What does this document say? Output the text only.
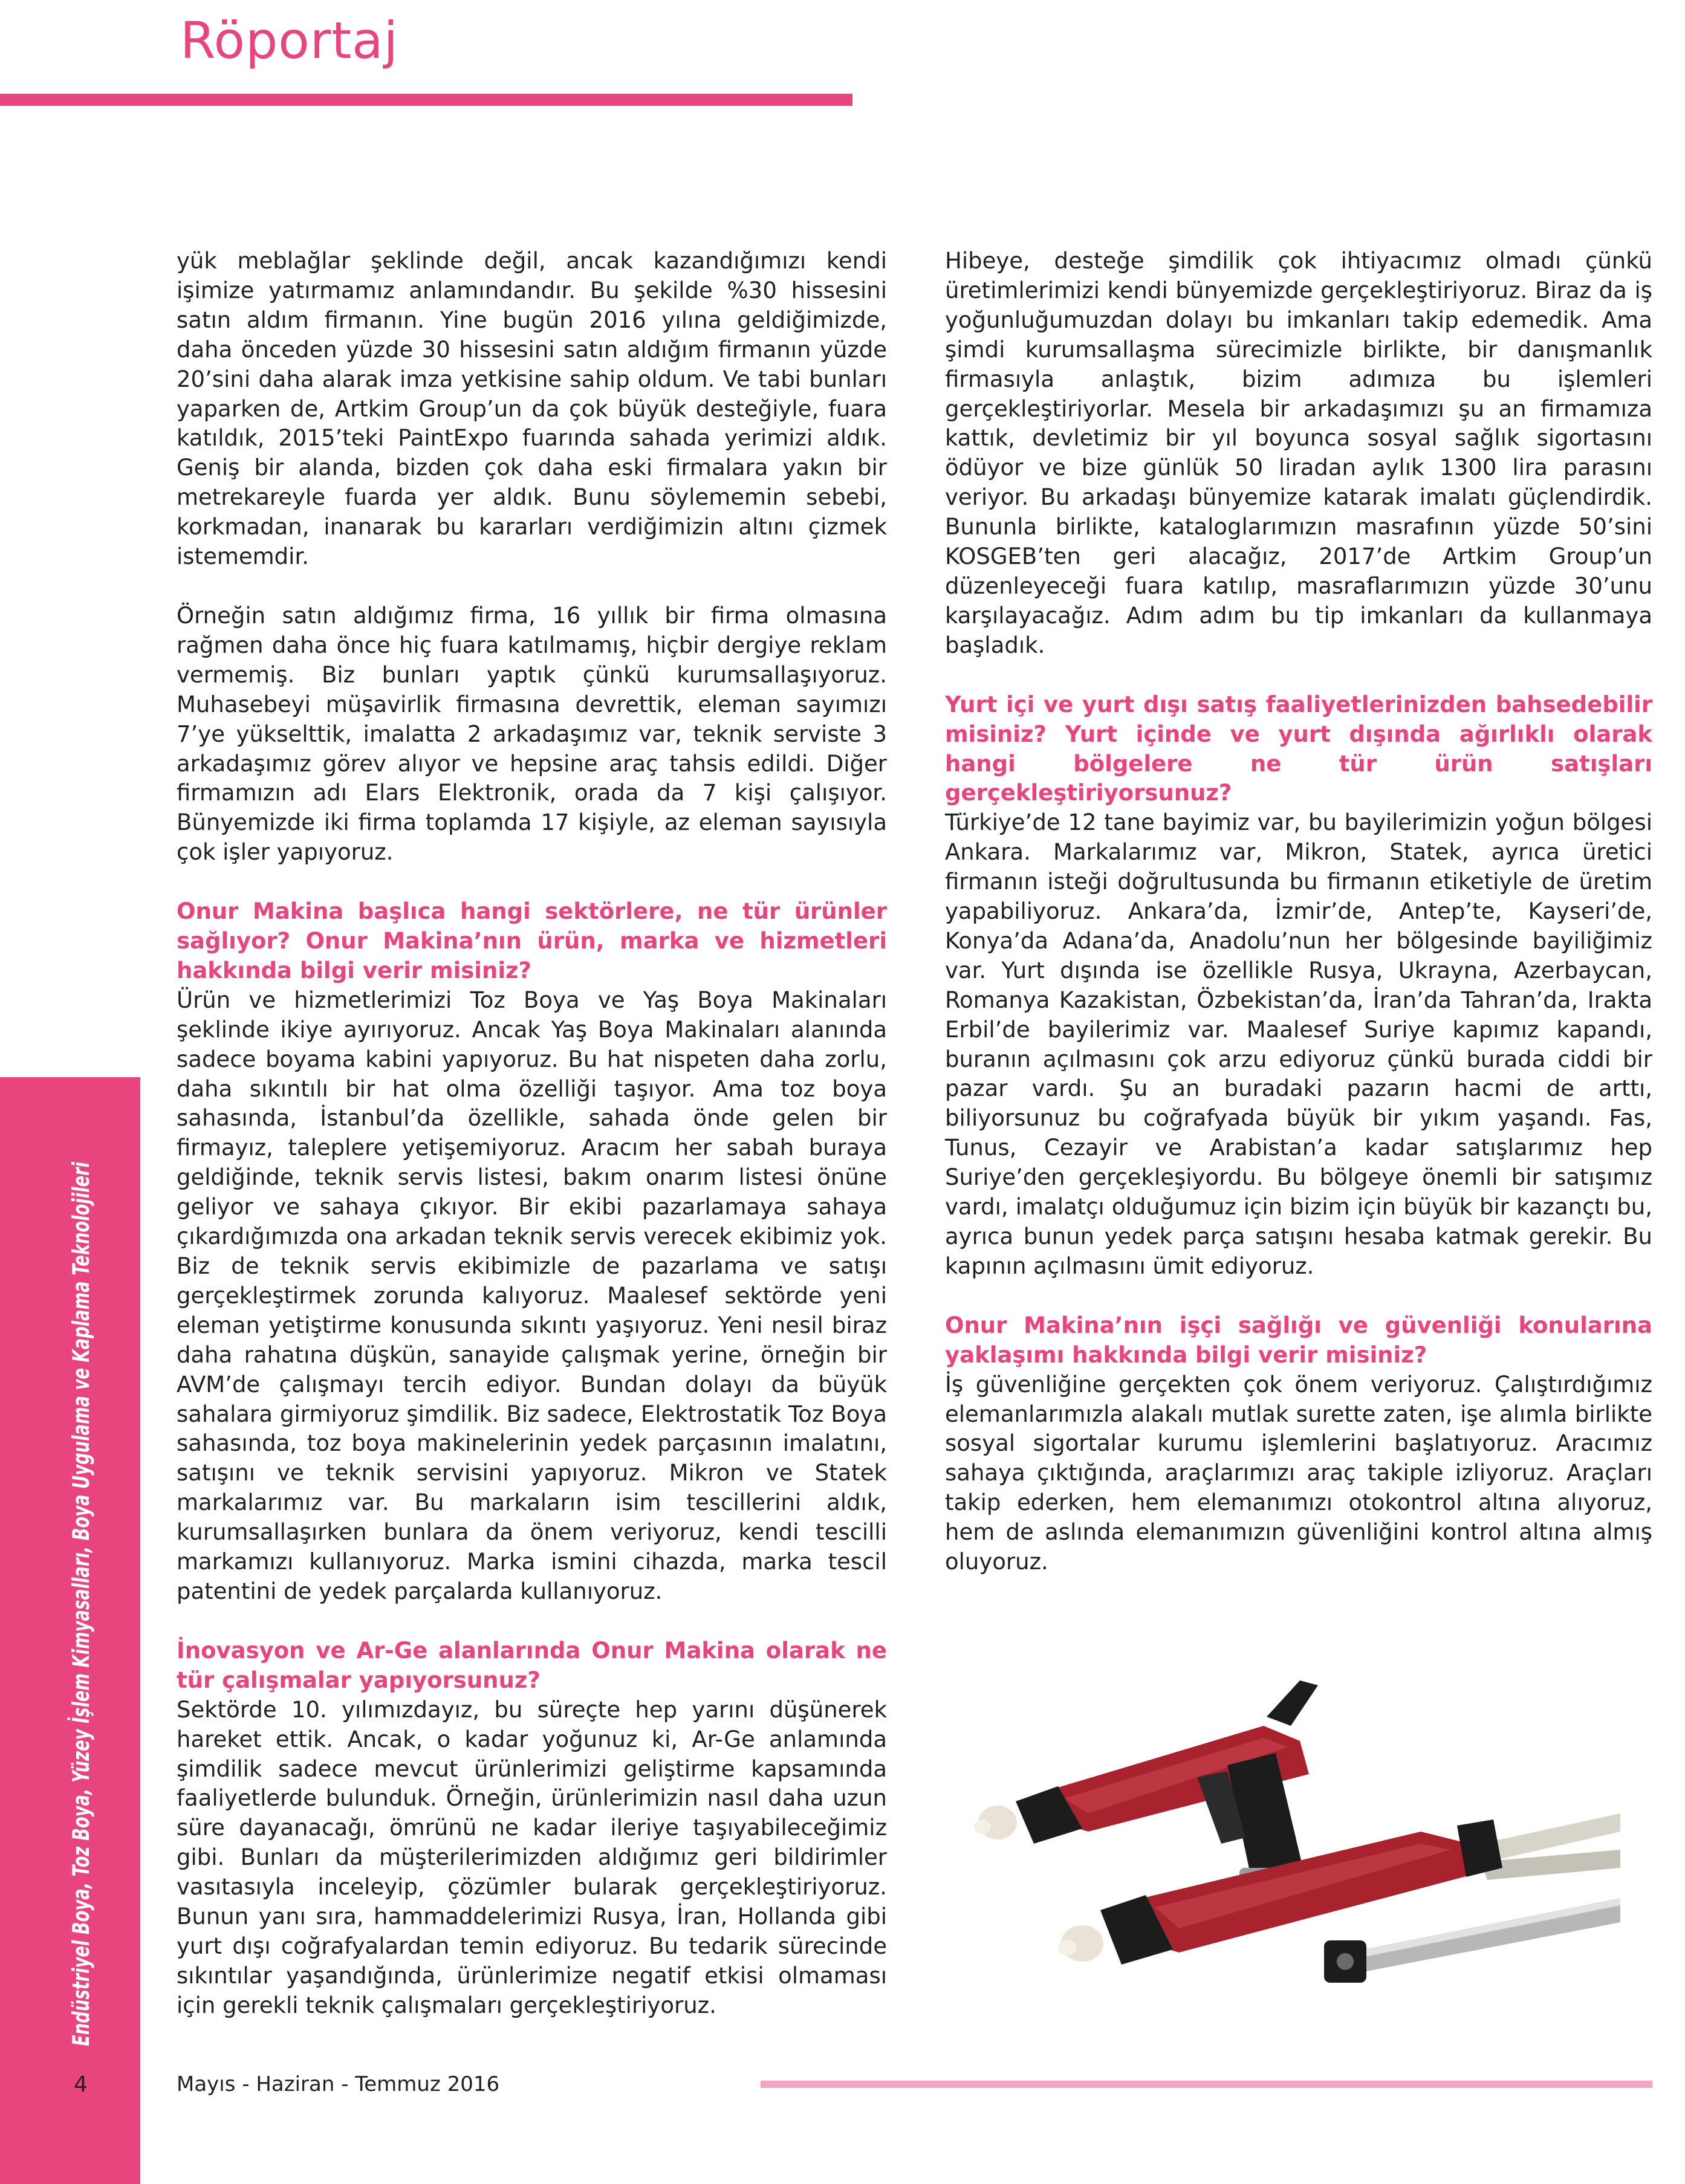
Röportaj
Endüstriyel Boya, Toz Boya, Yüzey İşlem Kimyasalları, Boya Uygulama ve Kaplama Teknolojileri

yük meblağlar şeklinde değil, ancak kazandığımızı kendi işimize yatırmamız anlamındandır. Bu şekilde %30 hissesini satın aldım firmanın. Yine bugün 2016 yılına geldiğimizde, daha önceden yüzde 30 hissesini satın aldığım firmanın yüzde 20’sini daha alarak imza yetkisine sahip oldum. Ve tabi bunları yaparken de, Artkim Group’un da çok büyük desteğiyle, fuara katıldık, 2015’teki PaintExpo fuarında sahada yerimizi aldık. Geniş bir alanda, bizden çok daha eski firmalara yakın bir metrekareyle fuarda yer aldık. Bunu söylememin sebebi, korkmadan, inanarak bu kararları verdiğimizin altını çizmek istememdir.

Örneğin satın aldığımız firma, 16 yıllık bir firma olmasına rağmen daha önce hiç fuara katılmamış, hiçbir dergiye reklam vermemiş. Biz bunları yaptık çünkü kurumsallaşıyoruz. Muhasebeyi müşavirlik firmasına devrettik, eleman sayımızı 7’ye yükselttik, imalatta 2 arkadaşımız var, teknik serviste 3 arkadaşımız görev alıyor ve hepsine araç tahsis edildi. Diğer firmamızın adı Elars Elektronik, orada da 7 kişi çalışıyor. Bünyemizde iki firma toplamda 17 kişiyle, az eleman sayısıyla çok işler yapıyoruz.

Onur Makina başlıca hangi sektörlere, ne tür ürünler sağlıyor? Onur Makina’nın ürün, marka ve hizmetleri hakkında bilgi verir misiniz?

Ürün ve hizmetlerimizi Toz Boya ve Yaş Boya Makinaları şeklinde ikiye ayırıyoruz. Ancak Yaş Boya Makinaları alanında sadece boyama kabini yapıyoruz. Bu hat nispeten daha zorlu, daha sıkıntılı bir hat olma özelliği taşıyor. Ama toz boya sahasında, İstanbul’da özellikle, sahada önde gelen bir firmayız, taleplere yetişemiyoruz. Aracım her sabah buraya geldiğinde, teknik servis listesi, bakım onarım listesi önüne geliyor ve sahaya çıkıyor. Bir ekibi pazarlamaya sahaya çıkardığımızda ona arkadan teknik servis verecek ekibimiz yok. Biz de teknik servis ekibimizle de pazarlama ve satışı gerçekleştirmek zorunda kalıyoruz. Maalesef sektörde yeni eleman yetiştirme konusunda sıkıntı yaşıyoruz. Yeni nesil biraz daha rahatına düşkün, sanayide çalışmak yerine, örneğin bir AVM’de çalışmayı tercih ediyor. Bundan dolayı da büyük sahalara girmiyoruz şimdilik. Biz sadece, Elektrostatik Toz Boya sahasında, toz boya makinelerinin yedek parçasının imalatını, satışını ve teknik servisini yapıyoruz. Mikron ve Statek markalarımız var. Bu markaların isim tescillerini aldık, kurumsallaşırken bunlara da önem veriyoruz, kendi tescilli markamızı kullanıyoruz. Marka ismini cihazda, marka tescil patentini de yedek parçalarda kullanıyoruz.

İnovasyon ve Ar-Ge alanlarında Onur Makina olarak ne tür çalışmalar yapıyorsunuz?

Sektörde 10. yılımızdayız, bu süreçte hep yarını düşünerek hareket ettik. Ancak, o kadar yoğunuz ki, Ar-Ge anlamında şimdilik sadece mevcut ürünlerimizi geliştirme kapsamında faaliyetlerde bulunduk. Örneğin, ürünlerimizin nasıl daha uzun süre dayanacağı, ömrünü ne kadar ileriye taşıyabileceğimiz gibi. Bunları da müşterilerimizden aldığımız geri bildirimler vasıtasıyla inceleyip, çözümler bularak gerçekleştiriyoruz. Bunun yanı sıra, hammaddelerimizi Rusya, İran, Hollanda gibi yurt dışı coğrafyalardan temin ediyoruz. Bu tedarik sürecinde sıkıntılar yaşandığında, ürünlerimize negatif etkisi olmaması için gerekli teknik çalışmaları gerçekleştiriyoruz.

Hibeye, desteğe şimdilik çok ihtiyacımız olmadı çünkü üretimlerimizi kendi bünyemizde gerçekleştiriyoruz. Biraz da iş yoğunluğumuzdan dolayı bu imkanları takip edemedik. Ama şimdi kurumsallaşma sürecimizle birlikte, bir danışmanlık firmasıyla anlaştık, bizim adımıza bu işlemleri gerçekleştiriyorlar. Mesela bir arkadaşımızı şu an firmamıza kattık, devletimiz bir yıl boyunca sosyal sağlık sigortasını ödüyor ve bize günlük 50 liradan aylık 1300 lira parasını veriyor. Bu arkadaşı bünyemize katarak imalatı güçlendirdik. Bununla birlikte, kataloglarımızın masrafının yüzde 50’sini KOSGEB’ten geri alacağız, 2017’de Artkim Group’un düzenleyeceği fuara katılıp, masraflarımızın yüzde 30’unu karşılayacağız. Adım adım bu tip imkanları da kullanmaya başladık.

Yurt içi ve yurt dışı satış faaliyetlerinizden bahsedebilir misiniz? Yurt içinde ve yurt dışında ağırlıklı olarak hangi bölgelere ne tür ürün satışları gerçekleştiriyorsunuz?

Türkiye’de 12 tane bayimiz var, bu bayilerimizin yoğun bölgesi Ankara. Markalarımız var, Mikron, Statek, ayrıca üretici firmanın isteği doğrultusunda bu firmanın etiketiyle de üretim yapabiliyoruz. Ankara’da, İzmir’de, Antep’te, Kayseri’de, Konya’da Adana’da, Anadolu’nun her bölgesinde bayiliğimiz var. Yurt dışında ise özellikle Rusya, Ukrayna, Azerbaycan, Romanya Kazakistan, Özbekistan’da, İran’da Tahran’da, Irakta Erbil’de bayilerimiz var. Maalesef Suriye kapımız kapandı, buranın açılmasını çok arzu ediyoruz çünkü burada ciddi bir pazar vardı. Şu an buradaki pazarın hacmi de arttı, biliyorsunuz bu coğrafyada büyük bir yıkım yaşandı. Fas, Tunus, Cezayir ve Arabistan’a kadar satışlarımız hep Suriye’den gerçekleşiyordu. Bu bölgeye önemli bir satışımız vardı, imalatçı olduğumuz için bizim için büyük bir kazançtı bu, ayrıca bunun yedek parça satışını hesaba katmak gerekir. Bu kapının açılmasını ümit ediyoruz.

Onur Makina’nın işçi sağlığı ve güvenliği konularına yaklaşımı hakkında bilgi verir misiniz?

İş güvenliğine gerçekten çok önem veriyoruz. Çalıştırdığımız elemanlarımızla alakalı mutlak surette zaten, işe alımla birlikte sosyal sigortalar kurumu işlemlerini başlatıyoruz. Aracımız sahaya çıktığında, araçlarımızı araç takiple izliyoruz. Araçları takip ederken, hem elemanımızı otokontrol altına alıyoruz, hem de aslında elemanımızın güvenliğini kontrol altına almış oluyoruz.

4	Mayıs - Haziran - Temmuz 2016
